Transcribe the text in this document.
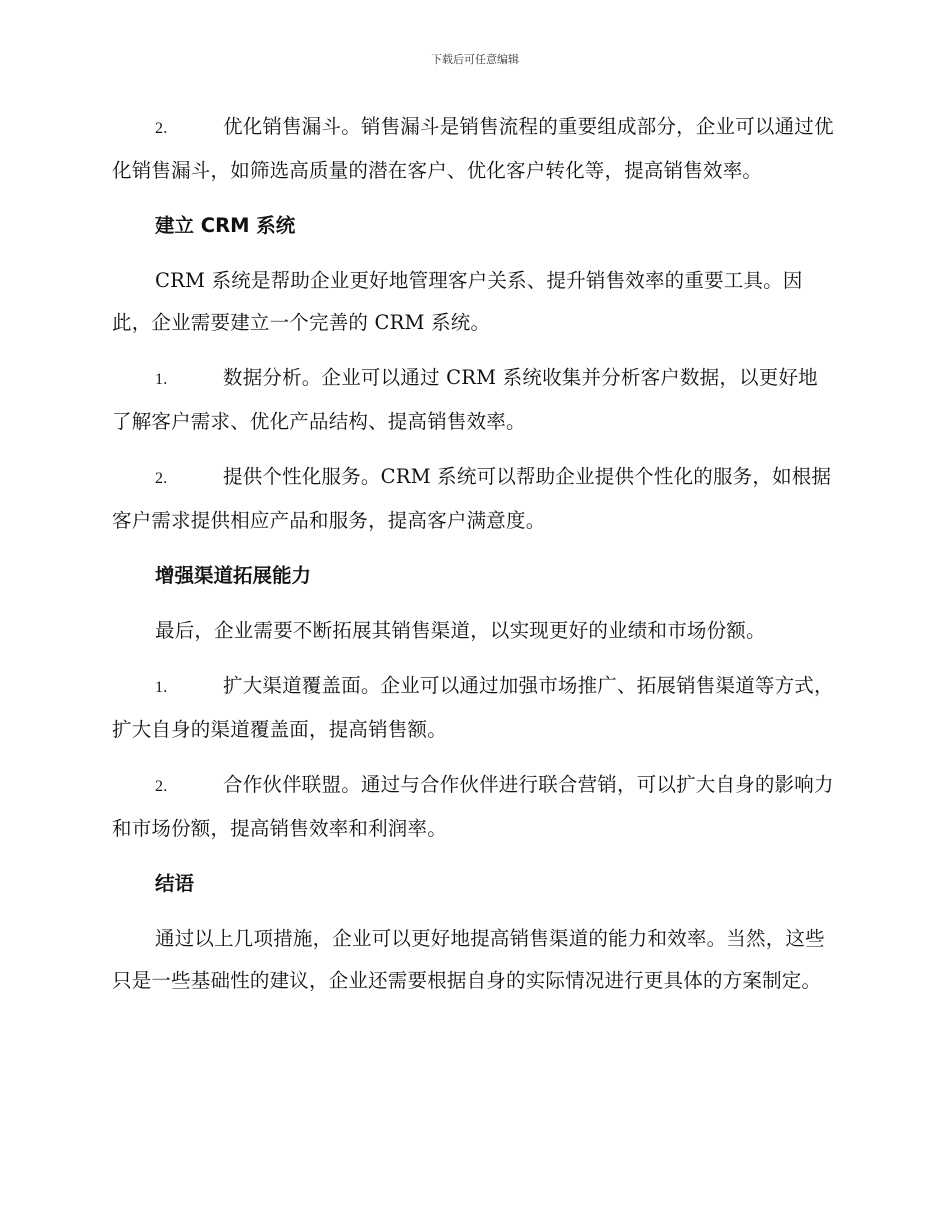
下载后可任意编辑

2.	优化销售漏斗。销售漏斗是销售流程的重要组成部分，企业可以通过优化销售漏斗，如筛选高质量的潜在客户、优化客户转化等，提高销售效率。

建立 CRM 系统

CRM 系统是帮助企业更好地管理客户关系、提升销售效率的重要工具。因此，企业需要建立一个完善的 CRM 系统。

1.	数据分析。企业可以通过 CRM 系统收集并分析客户数据，以更好地了解客户需求、优化产品结构、提高销售效率。

2.	提供个性化服务。CRM 系统可以帮助企业提供个性化的服务，如根据客户需求提供相应产品和服务，提高客户满意度。

增强渠道拓展能力

最后，企业需要不断拓展其销售渠道，以实现更好的业绩和市场份额。

1.	扩大渠道覆盖面。企业可以通过加强市场推广、拓展销售渠道等方式，扩大自身的渠道覆盖面，提高销售额。

2.	合作伙伴联盟。通过与合作伙伴进行联合营销，可以扩大自身的影响力和市场份额，提高销售效率和利润率。

结语

通过以上几项措施，企业可以更好地提高销售渠道的能力和效率。当然，这些只是一些基础性的建议，企业还需要根据自身的实际情况进行更具体的方案制定。
